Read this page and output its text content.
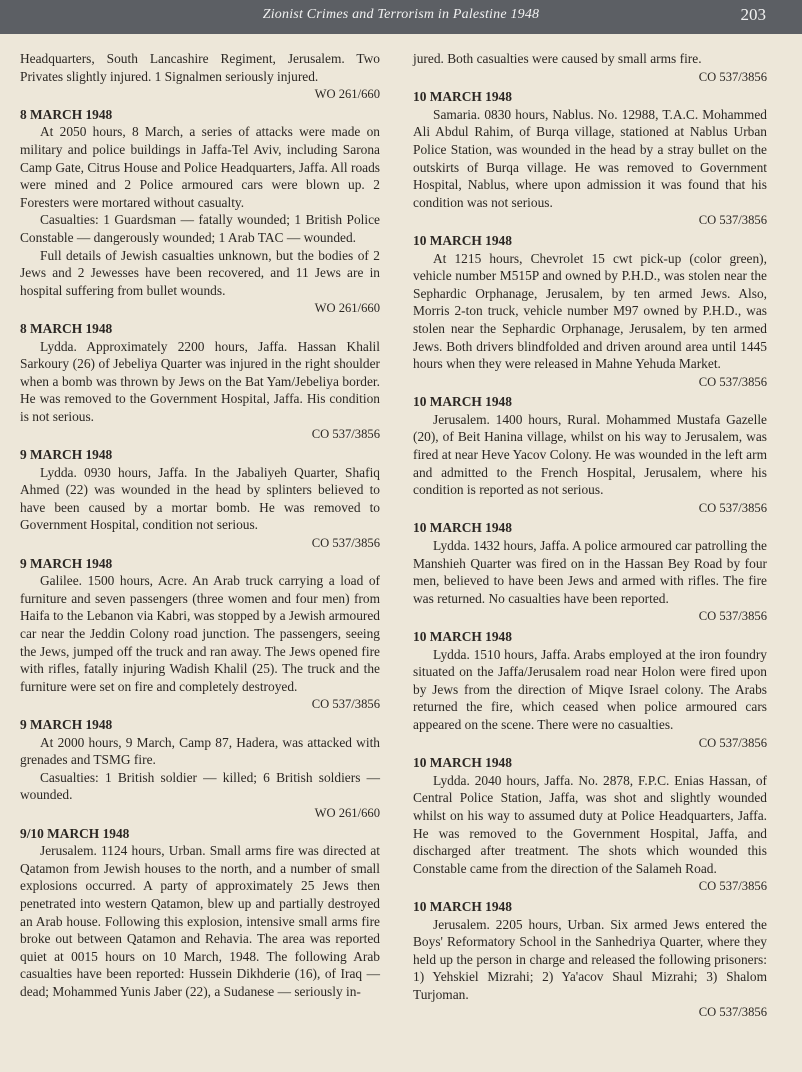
Zionist Crimes and Terrorism in Palestine 1948	203

Headquarters, South Lancashire Regiment, Jerusalem. Two Privates slightly injured. 1 Signalmen seriously injured.

WO 261/660
8 MARCH 1948

At 2050 hours, 8 March, a series of attacks were made on military and police buildings in Jaffa-Tel Aviv, including Sarona Camp Gate, Citrus House and Police Headquarters, Jaffa. All roads were mined and 2 Police armoured cars were blown up. 2 Foresters were mortared without casualty.

Casualties: 1 Guardsman — fatally wounded; 1 British Police Constable — dangerously wounded; 1 Arab TAC — wounded.

Full details of Jewish casualties unknown, but the bodies of 2 Jews and 2 Jewesses have been recovered, and 11 Jews are in hospital suffering from bullet wounds.

WO 261/660
8 MARCH 1948

Lydda. Approximately 2200 hours, Jaffa. Hassan Khalil Sarkoury (26) of Jebeliya Quarter was injured in the right shoulder when a bomb was thrown by Jews on the Bat Yam/Jebeliya border. He was removed to the Government Hospital, Jaffa. His condition is not serious.

CO 537/3856
9 MARCH 1948

Lydda. 0930 hours, Jaffa. In the Jabaliyeh Quarter, Shafiq Ahmed (22) was wounded in the head by splinters believed to have been caused by a mortar bomb. He was removed to Government Hospital, condition not serious.

CO 537/3856
9 MARCH 1948

Galilee. 1500 hours, Acre. An Arab truck carrying a load of furniture and seven passengers (three women and four men) from Haifa to the Lebanon via Kabri, was stopped by a Jewish armoured car near the Jeddin Colony road junction. The passengers, seeing the Jews, jumped off the truck and ran away. The Jews opened fire with rifles, fatally injuring Wadish Khalil (25). The truck and the furniture were set on fire and completely destroyed.

CO 537/3856
9 MARCH 1948

At 2000 hours, 9 March, Camp 87, Hadera, was attacked with grenades and TSMG fire.

Casualties: 1 British soldier — killed; 6 British soldiers — wounded.

WO 261/660
9/10 MARCH 1948

Jerusalem. 1124 hours, Urban. Small arms fire was directed at Qatamon from Jewish houses to the north, and a number of small explosions occurred. A party of approximately 25 Jews then penetrated into western Qatamon, blew up and partially destroyed an Arab house. Following this explosion, intensive small arms fire broke out between Qatamon and Rehavia. The area was reported quiet at 0015 hours on 10 March, 1948. The following Arab casualties have been reported: Hussein Dikhderie (16), of Iraq — dead; Mohammed Yunis Jaber (22), a Sudanese — seriously in-

jured. Both casualties were caused by small arms fire.

CO 537/3856
10 MARCH 1948

Samaria. 0830 hours, Nablus. No. 12988, T.A.C. Mohammed Ali Abdul Rahim, of Burqa village, stationed at Nablus Urban Police Station, was wounded in the head by a stray bullet on the outskirts of Burqa village. He was removed to Government Hospital, Nablus, where upon admission it was found that his condition was not serious.

CO 537/3856
10 MARCH 1948

At 1215 hours, Chevrolet 15 cwt pick-up (color green), vehicle number M515P and owned by P.H.D., was stolen near the Sephardic Orphanage, Jerusalem, by ten armed Jews. Also, Morris 2-ton truck, vehicle number M97 owned by P.H.D., was stolen near the Sephardic Orphanage, Jerusalem, by ten armed Jews. Both drivers blindfolded and driven around area until 1445 hours when they were released in Mahne Yehuda Market.

CO 537/3856
10 MARCH 1948

Jerusalem. 1400 hours, Rural. Mohammed Mustafa Gazelle (20), of Beit Hanina village, whilst on his way to Jerusalem, was fired at near Heve Yacov Colony. He was wounded in the left arm and admitted to the French Hospital, Jerusalem, where his condition is reported as not serious.

CO 537/3856
10 MARCH 1948

Lydda. 1432 hours, Jaffa. A police armoured car patrolling the Manshieh Quarter was fired on in the Hassan Bey Road by four men, believed to have been Jews and armed with rifles. The fire was returned. No casualties have been reported.

CO 537/3856
10 MARCH 1948

Lydda. 1510 hours, Jaffa. Arabs employed at the iron foundry situated on the Jaffa/Jerusalem road near Holon were fired upon by Jews from the direction of Miqve Israel colony. The Arabs returned the fire, which ceased when police armoured cars appeared on the scene. There were no casualties.

CO 537/3856
10 MARCH 1948

Lydda. 2040 hours, Jaffa. No. 2878, F.P.C. Enias Hassan, of Central Police Station, Jaffa, was shot and slightly wounded whilst on his way to assumed duty at Police Headquarters, Jaffa. He was removed to the Government Hospital, Jaffa, and discharged after treatment. The shots which wounded this Constable came from the direction of the Salameh Road.

CO 537/3856
10 MARCH 1948

Jerusalem. 2205 hours, Urban. Six armed Jews entered the Boys' Reformatory School in the Sanhedriya Quarter, where they held up the person in charge and released the following prisoners: 1) Yehskiel Mizrahi; 2) Ya'acov Shaul Mizrahi; 3) Shalom Turjoman.

CO 537/3856
